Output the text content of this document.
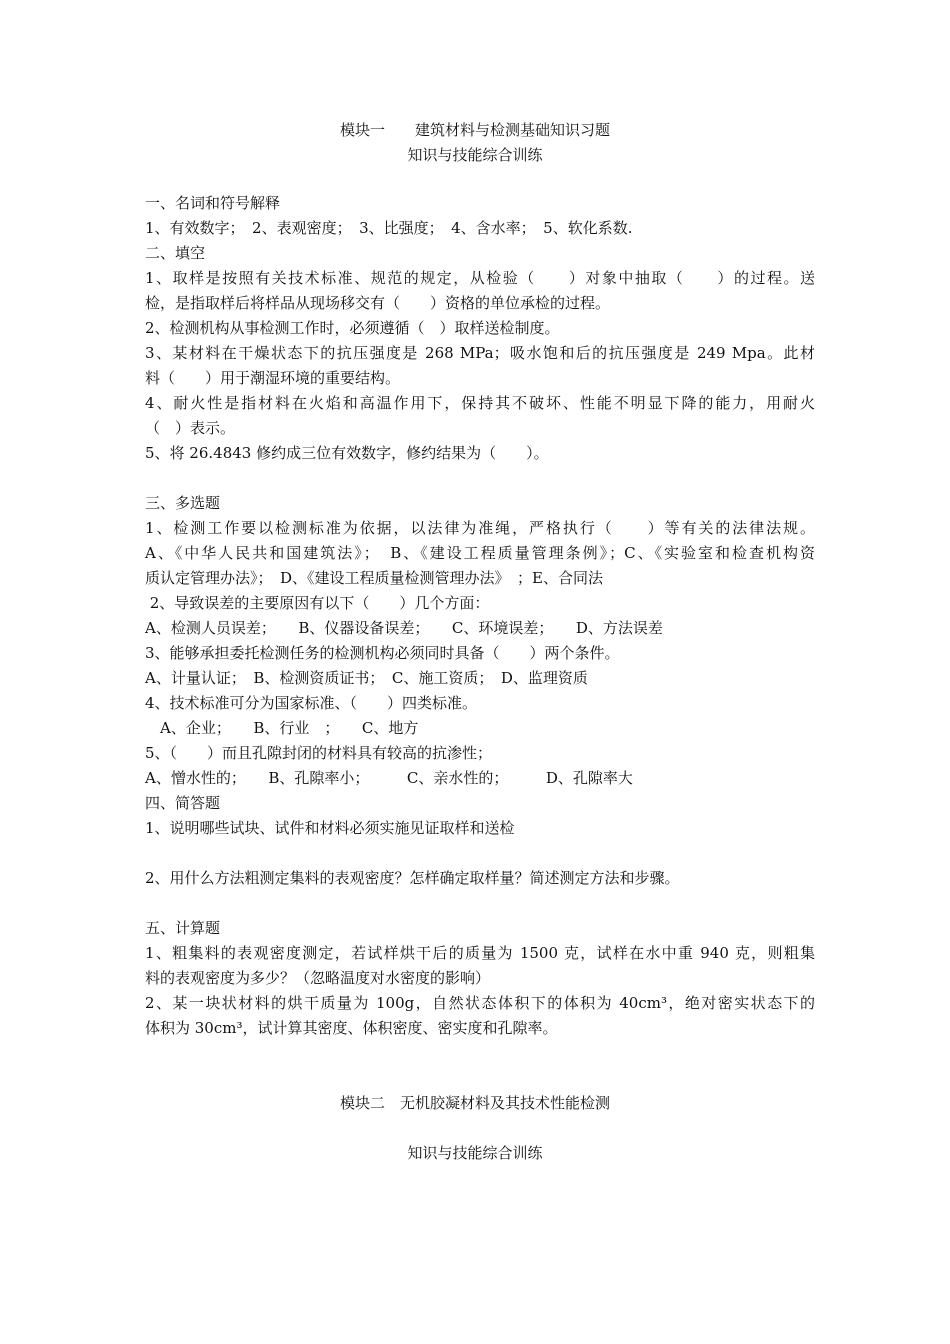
模块一　　建筑材料与检测基础知识习题
知识与技能综合训练
一、名词和符号解释
1、有效数字；　2、表观密度；　3、比强度；　4、含水率；　5、软化系数.
二、填空
1、取样是按照有关技术标准、规范的规定，从检验（　　）对象中抽取（　　）的过程。送
检，是指取样后将样品从现场移交有（　　）资格的单位承检的过程。
2、检测机构从事检测工作时，必须遵循（　）取样送检制度。
3、某材料在干燥状态下的抗压强度是 268 MPa；吸水饱和后的抗压强度是 249 Mpa。此材
料（　　）用于潮湿环境的重要结构。
4、耐火性是指材料在火焰和高温作用下，保持其不破坏、性能不明显下降的能力，用耐火
（　）表示。
5、将 26.4843 修约成三位有效数字，修约结果为（　　）。
三、多选题
1、检测工作要以检测标准为依据，以法律为准绳，严格执行（　　）等有关的法律法规。
A、《中华人民共和国建筑法》；　B、《建设工程质量管理条例》；C、《实验室和检查机构资
质认定管理办法》；　D、《建设工程质量检测管理办法》　；E、合同法
2、导致误差的主要原因有以下（　　）几个方面：
A、检测人员误差；　　B、仪器设备误差；　　C、环境误差；　　D、方法误差
3、能够承担委托检测任务的检测机构必须同时具备（　　）两个条件。
A、计量认证；　B、检测资质证书；　C、施工资质；　D、监理资质
4、技术标准可分为国家标准、（　　）四类标准。
　A、企业；　　B、行业　；　　C、地方
5、（　　）而且孔隙封闭的材料具有较高的抗渗性；
A、憎水性的；　　B、孔隙率小；　　　C、亲水性的；　　　D、孔隙率大
四、简答题
1、说明哪些试块、试件和材料必须实施见证取样和送检
2、用什么方法粗测定集料的表观密度？怎样确定取样量？简述测定方法和步骤。
五、计算题
1、粗集料的表观密度测定，若试样烘干后的质量为 1500 克，试样在水中重 940 克，则粗集
料的表观密度为多少？（忽略温度对水密度的影响）
2、某一块状材料的烘干质量为 100g，自然状态体积下的体积为 40cm³，绝对密实状态下的
体积为 30cm³，试计算其密度、体积密度、密实度和孔隙率。
模块二　无机胶凝材料及其技术性能检测
知识与技能综合训练
